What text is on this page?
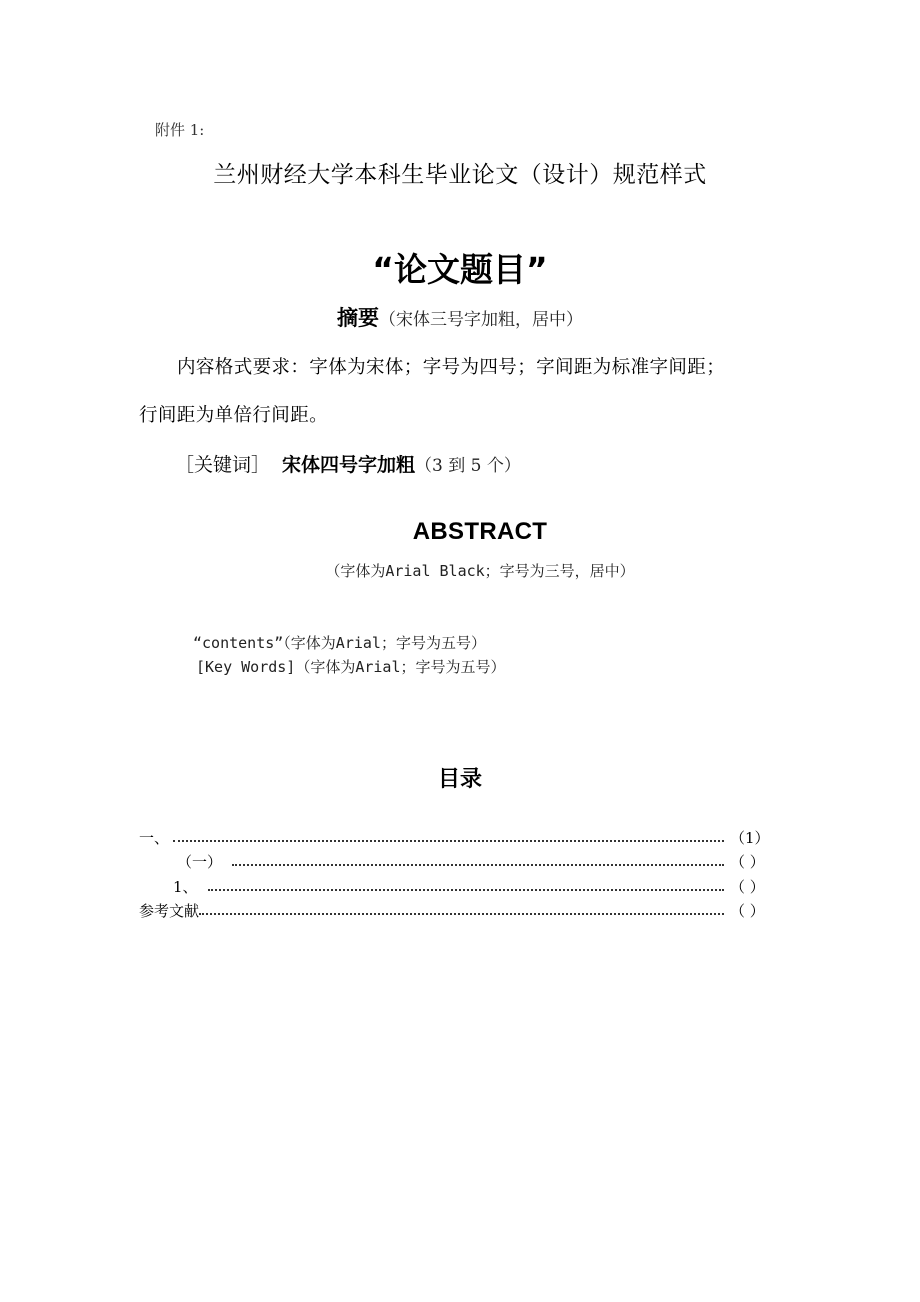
附件 1:
兰州财经大学本科生毕业论文（设计）规范样式
“论文题目”
摘要（宋体三号字加粗，居中）
内容格式要求：字体为宋体；字号为四号；字间距为标准字间距；
行间距为单倍行间距。
［关键词］ 宋体四号字加粗（3 到 5 个）
ABSTRACT
（字体为Arial Black；字号为三号，居中）
“contents”（字体为Arial；字号为五号）
[Key Words]（字体为Arial；字号为五号）
目录
一、	（1）
（一）	（ ）
1、	（ ）
参考文献	（ ）
